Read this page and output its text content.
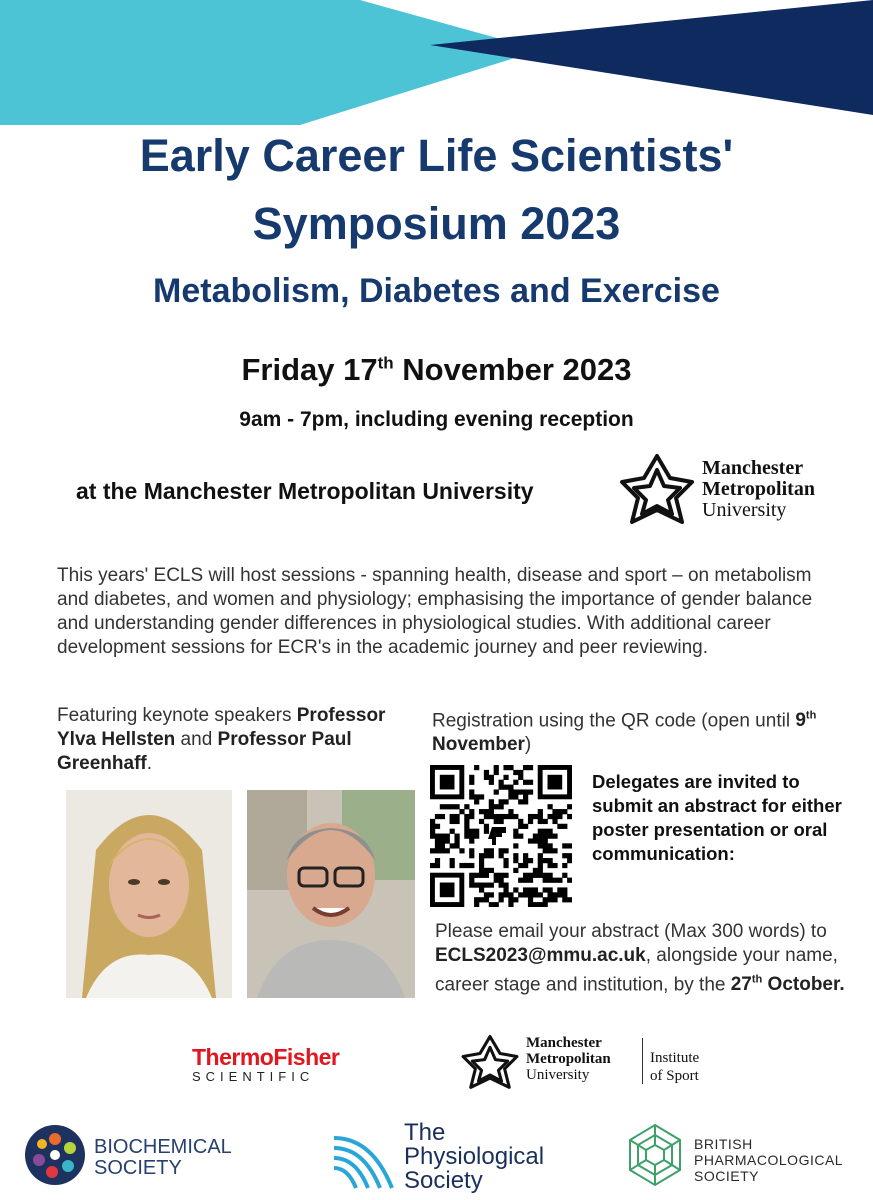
Early Career Life Scientists'
Symposium 2023
Metabolism, Diabetes and Exercise
Friday 17th November 2023
9am - 7pm, including evening reception
at the Manchester Metropolitan University
Manchester
Metropolitan
University
This years' ECLS will host sessions - spanning health, disease and sport – on metabolism and diabetes, and women and physiology; emphasising the importance of gender balance and understanding gender differences in physiological studies. With additional career development sessions for ECR's in the academic journey and peer reviewing.
Featuring keynote speakers Professor Ylva Hellsten and Professor Paul Greenhaff.
Registration using the QR code (open until 9th November)
Delegates are invited to submit an abstract for either poster presentation or oral communication:
Please email your abstract (Max 300 words) to ECLS2023@mmu.ac.uk, alongside your name, career stage and institution, by the 27th October.
ThermoFisher
SCIENTIFIC
Manchester
Metropolitan
University
Institute
of Sport
BIOCHEMICAL
SOCIETY
The
Physiological
Society
BRITISH
PHARMACOLOGICAL
SOCIETY
